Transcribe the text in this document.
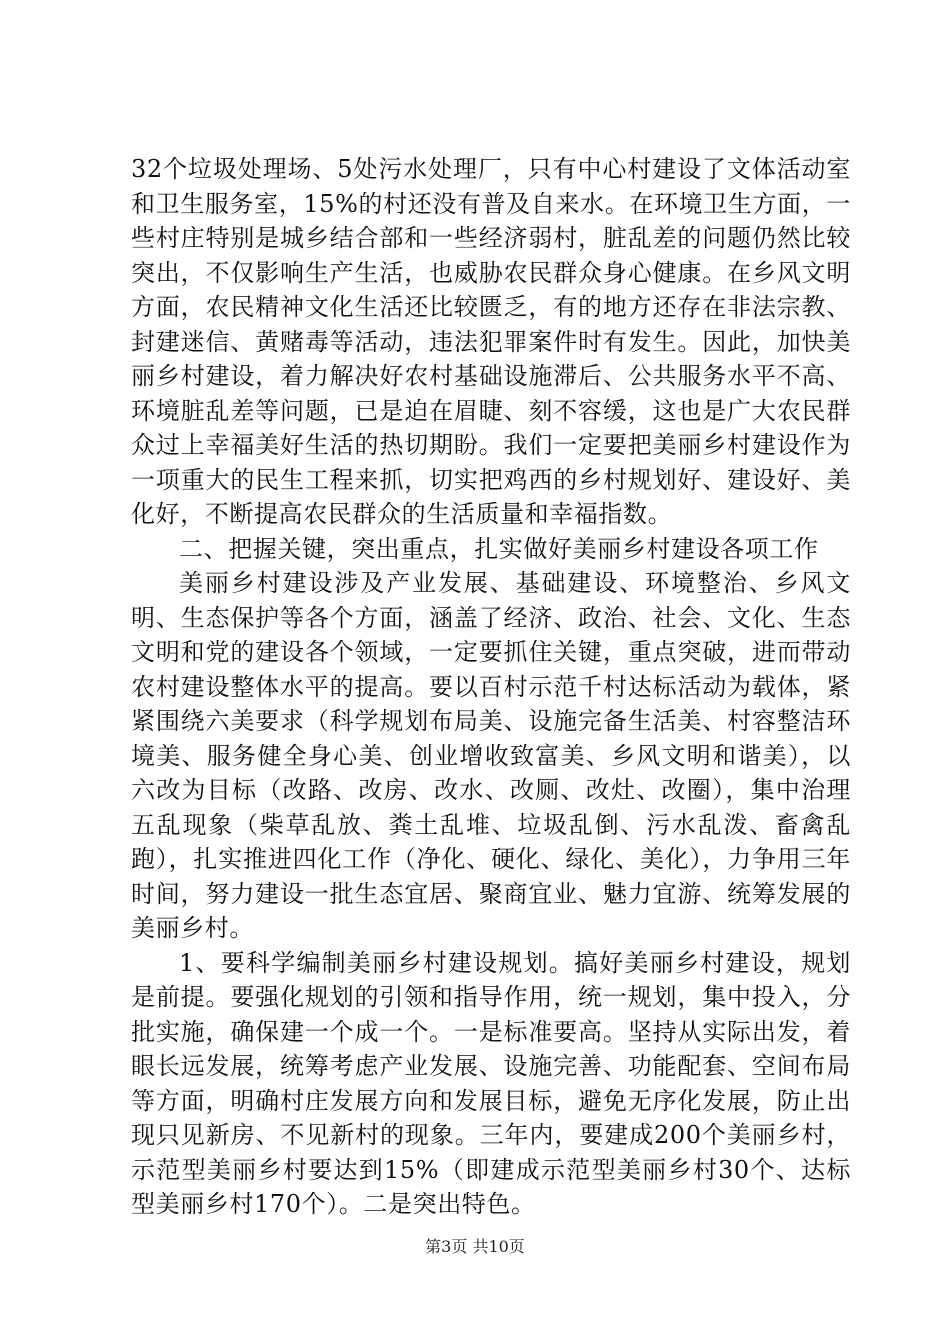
32个垃圾处理场、5处污水处理厂，只有中心村建设了文体活动室和卫生服务室，15%的村还没有普及自来水。在环境卫生方面，一些村庄特别是城乡结合部和一些经济弱村，脏乱差的问题仍然比较突出，不仅影响生产生活，也威胁农民群众身心健康。在乡风文明方面，农民精神文化生活还比较匮乏，有的地方还存在非法宗教、封建迷信、黄赌毒等活动，违法犯罪案件时有发生。因此，加快美丽乡村建设，着力解决好农村基础设施滞后、公共服务水平不高、环境脏乱差等问题，已是迫在眉睫、刻不容缓，这也是广大农民群众过上幸福美好生活的热切期盼。我们一定要把美丽乡村建设作为一项重大的民生工程来抓，切实把鸡西的乡村规划好、建设好、美化好，不断提高农民群众的生活质量和幸福指数。

二、把握关键，突出重点，扎实做好美丽乡村建设各项工作

美丽乡村建设涉及产业发展、基础建设、环境整治、乡风文明、生态保护等各个方面，涵盖了经济、政治、社会、文化、生态文明和党的建设各个领域，一定要抓住关键，重点突破，进而带动农村建设整体水平的提高。要以百村示范千村达标活动为载体，紧紧围绕六美要求（科学规划布局美、设施完备生活美、村容整洁环境美、服务健全身心美、创业增收致富美、乡风文明和谐美），以六改为目标（改路、改房、改水、改厕、改灶、改圈），集中治理五乱现象（柴草乱放、粪土乱堆、垃圾乱倒、污水乱泼、畜禽乱跑），扎实推进四化工作（净化、硬化、绿化、美化），力争用三年时间，努力建设一批生态宜居、聚商宜业、魅力宜游、统筹发展的美丽乡村。

1、要科学编制美丽乡村建设规划。搞好美丽乡村建设，规划是前提。要强化规划的引领和指导作用，统一规划，集中投入，分批实施，确保建一个成一个。一是标准要高。坚持从实际出发，着眼长远发展，统筹考虑产业发展、设施完善、功能配套、空间布局等方面，明确村庄发展方向和发展目标，避免无序化发展，防止出现只见新房、不见新村的现象。三年内，要建成200个美丽乡村，示范型美丽乡村要达到15%（即建成示范型美丽乡村30个、达标型美丽乡村170个）。二是突出特色。

第3页 共10页
